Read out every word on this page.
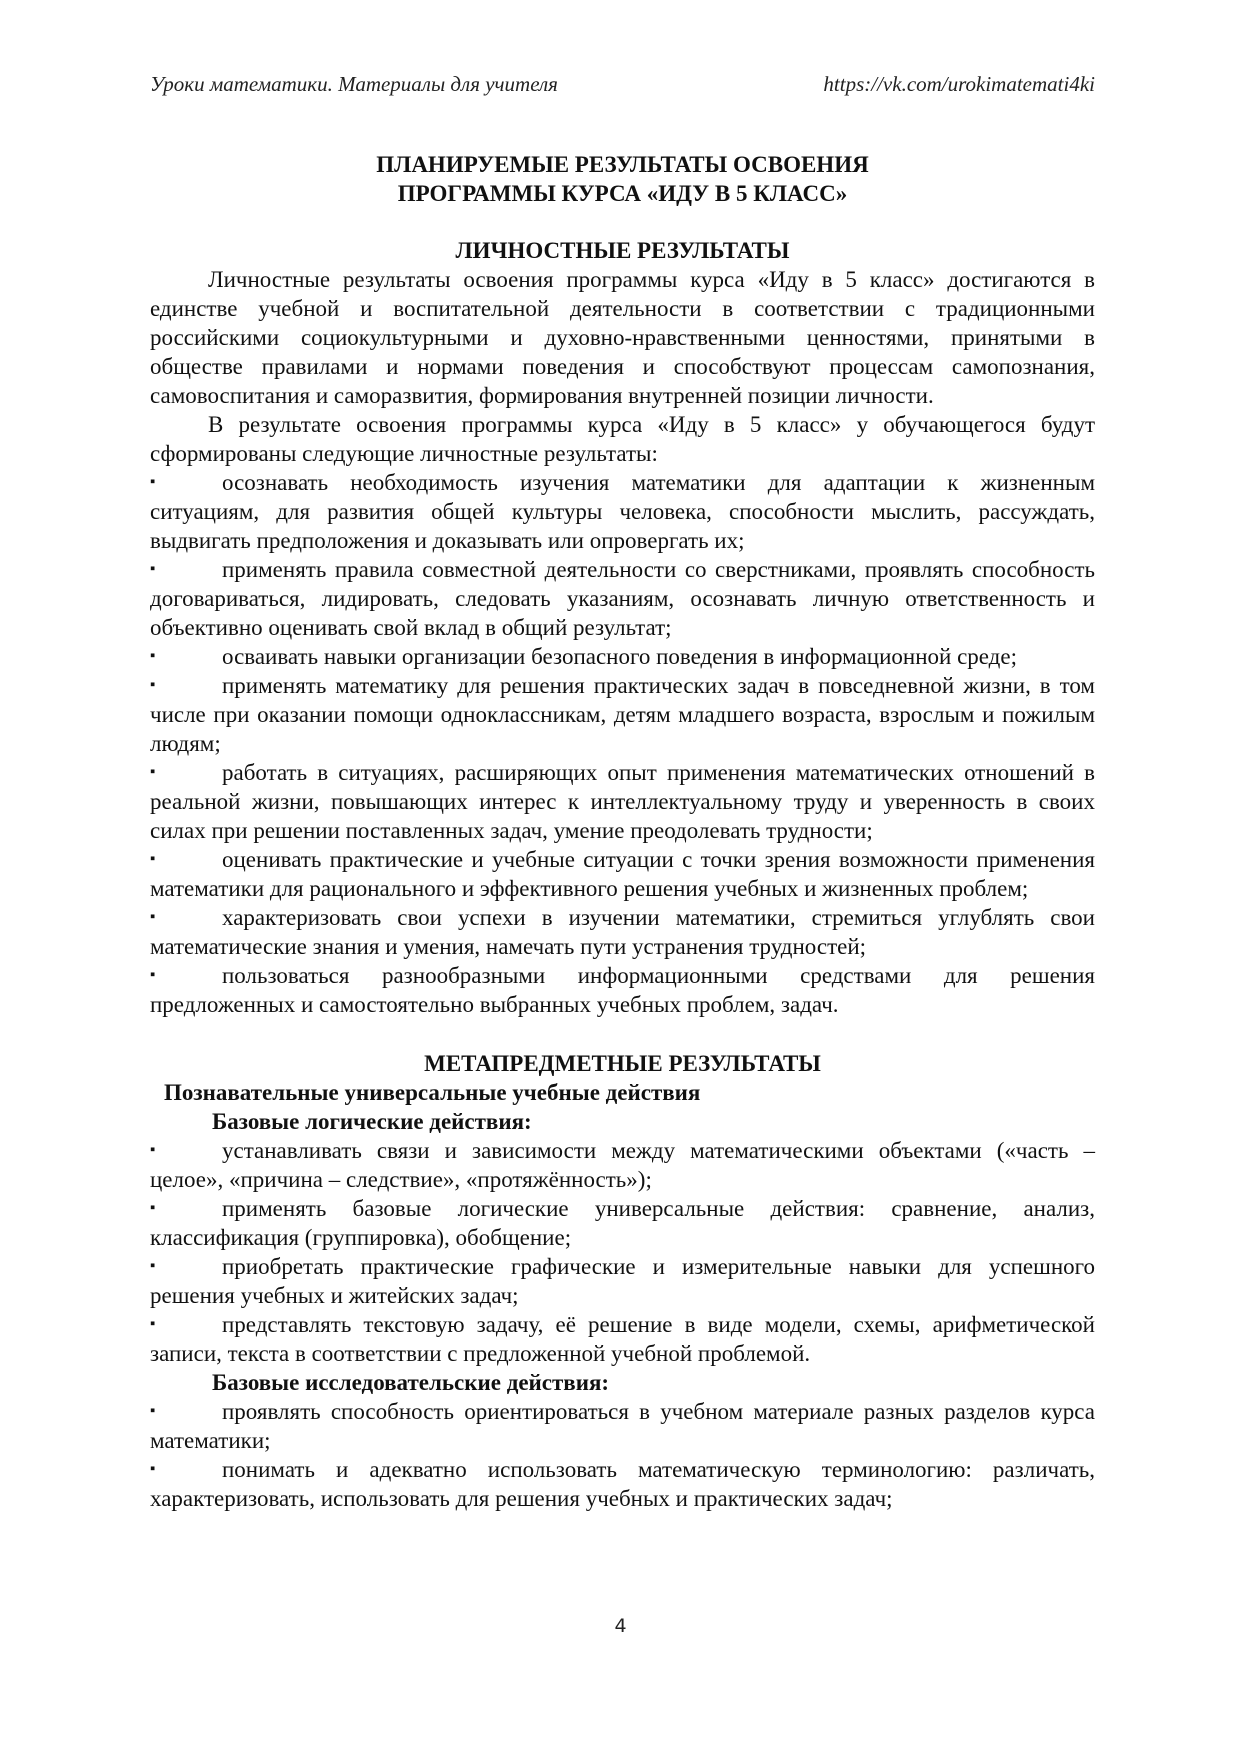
Уроки математики. Материалы для учителя	https://vk.com/urokimatemati4ki

ПЛАНИРУЕМЫЕ РЕЗУЛЬТАТЫ ОСВОЕНИЯ

ПРОГРАММЫ КУРСА «ИДУ В 5 КЛАСС»

ЛИЧНОСТНЫЕ РЕЗУЛЬТАТЫ

Личностные результаты освоения программы курса «Иду в 5 класс» достигаются в единстве учебной и воспитательной деятельности в соответствии с традиционными российскими социокультурными и духовно-нравственными ценностями, принятыми в обществе правилами и нормами поведения и способствуют процессам самопознания, самовоспитания и саморазвития, формирования внутренней позиции личности.

В результате освоения программы курса «Иду в 5 класс» у обучающегося будут сформированы следующие личностные результаты:

▪	осознавать необходимость изучения математики для адаптации к жизненным ситуациям, для развития общей культуры человека, способности мыслить, рассуждать, выдвигать предположения и доказывать или опровергать их;
▪	применять правила совместной деятельности со сверстниками, проявлять способность договариваться, лидировать, следовать указаниям, осознавать личную ответственность и объективно оценивать свой вклад в общий результат;
▪	осваивать навыки организации безопасного поведения в информационной среде;
▪	применять математику для решения практических задач в повседневной жизни, в том числе при оказании помощи одноклассникам, детям младшего возраста, взрослым и пожилым людям;
▪	работать в ситуациях, расширяющих опыт применения математических отношений в реальной жизни, повышающих интерес к интеллектуальному труду и уверенность в своих силах при решении поставленных задач, умение преодолевать трудности;
▪	оценивать практические и учебные ситуации с точки зрения возможности применения математики для рационального и эффективного решения учебных и жизненных проблем;
▪	характеризовать свои успехи в изучении математики, стремиться углублять свои математические знания и умения, намечать пути устранения трудностей;
▪	пользоваться разнообразными информационными средствами для решения предложенных и самостоятельно выбранных учебных проблем, задач.

МЕТАПРЕДМЕТНЫЕ РЕЗУЛЬТАТЫ

Познавательные универсальные учебные действия

Базовые логические действия:

▪	устанавливать связи и зависимости между математическими объектами («часть – целое», «причина – следствие», «протяжённость»);
▪	применять базовые логические универсальные действия: сравнение, анализ, классификация (группировка), обобщение;
▪	приобретать практические графические и измерительные навыки для успешного решения учебных и житейских задач;
▪	представлять текстовую задачу, её решение в виде модели, схемы, арифметической записи, текста в соответствии с предложенной учебной проблемой.

Базовые исследовательские действия:

▪	проявлять способность ориентироваться в учебном материале разных разделов курса математики;
▪	понимать и адекватно использовать математическую терминологию: различать, характеризовать, использовать для решения учебных и практических задач;
4
